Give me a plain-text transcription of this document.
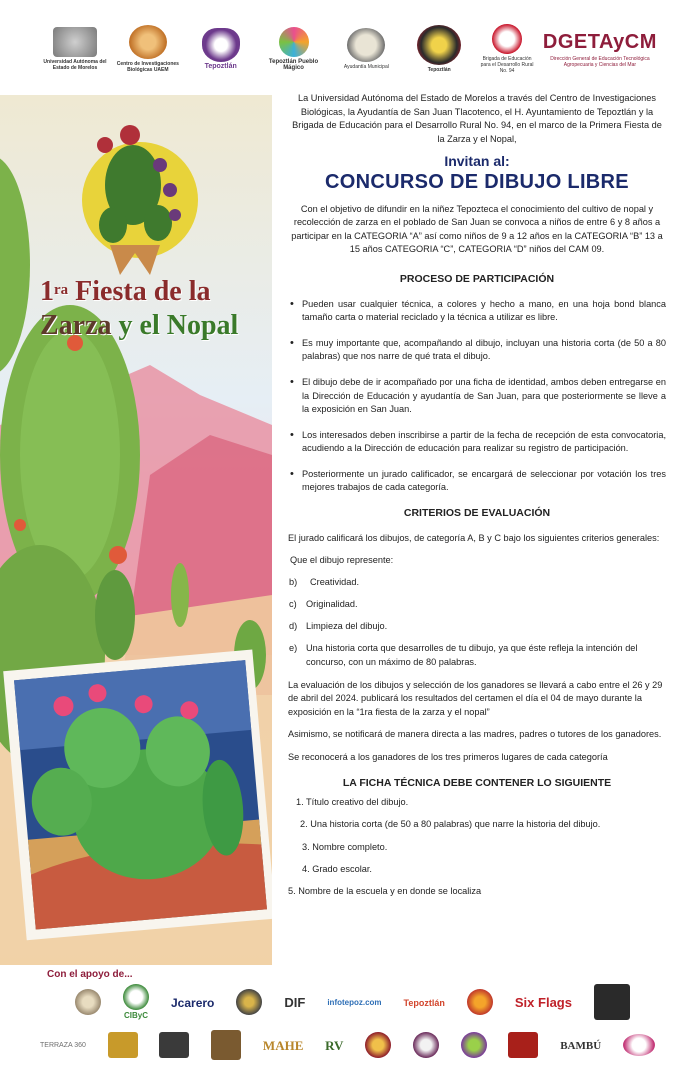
Universidad Autónoma del Estado de Morelos
Centro de Investigaciones Biológicas UAEM	Tepoztlán
Tepoztlán Pueblo Mágico	Ayudantía Municipal	Tepoztlán
Brigada de Educación para el Desarrollo Rural No. 94
DGETAyCM
Dirección General de Educación Tecnológica Agropecuaria y Ciencias del Mar
$1^{ra}$ Fiesta de la
Zarza y el Nopal

La Universidad Autónoma del Estado de Morelos a través del Centro de Investigaciones Biológicas, la Ayudantía de San Juan Tlacotenco, el H. Ayuntamiento de Tepoztlán y la Brigada de Educación para el Desarrollo Rural No. 94, en el marco de la Primera Fiesta de la Zarza y el Nopal,

Invitan al:
CONCURSO DE DIBUJO LIBRE

Con el objetivo de difundir en la niñez Tepozteca el conocimiento del cultivo de nopal y recolección de zarza en el poblado de San Juan se convoca a niños de entre 6 y 8 años a participar en la CATEGORIA “A” así como niños de 9 a 12 años en la CATEGORIA “B” 13 a 15 años CATEGORIA “C”, CATEGORIA “D” niños del CAM 09.

PROCESO DE PARTICIPACIÓN
• Pueden usar cualquier técnica, a colores y hecho a mano, en una hoja bond blanca tamaño carta o material reciclado y la técnica a utilizar es libre.
• Es muy importante que, acompañando al dibujo, incluyan una historia corta (de 50 a 80 palabras) que nos narre de qué trata el dibujo.
• El dibujo debe de ir acompañado por una ficha de identidad, ambos deben entregarse en la Dirección de Educación y ayudantía de San Juan, para que posteriormente se lleve a la exposición en San Juan.
• Los interesados deben inscribirse a partir de la fecha de recepción de esta convocatoria, acudiendo a la Dirección de educación para realizar su registro de participación.
• Posteriormente un jurado calificador, se encargará de seleccionar por votación los tres mejores trabajos de cada categoría.
CRITERIOS DE EVALUACIÓN

El jurado calificará los dibujos, de categoría A, B y C bajo los siguientes criterios generales:

Que el dibujo represente:

b)	Creatividad.
c)	Originalidad.
d) Limpieza del dibujo.
e) Una historia corta que desarrolles de tu dibujo, ya que éste refleja la intención del concurso, con un máximo de 80 palabras.

La evaluación de los dibujos y selección de los ganadores se llevará a cabo entre el 26 y 29 de abril del 2024. publicará los resultados del certamen el día el 04 de mayo durante la exposición en la “1ra fiesta de la zarza y el nopal”

Asimismo, se notificará de manera directa a las madres, padres o tutores de los ganadores.

Se reconocerá a los ganadores de los tres primeros lugares de cada categoría

LA FICHA TÉCNICA DEBE CONTENER LO SIGUIENTE
1. Título creativo del dibujo.
2. Una historia corta (de 50 a 80 palabras) que narre la historia del dibujo.
3. Nombre completo.
4. Grado escolar.
5. Nombre de la escuela y en donde se localiza
Con el apoyo de...
CIByC
Jcarero	DIF	infotepoz.com Tepoztlán	Six Flags
TERRAZA 360	MAHE RV	BAMBÚ
